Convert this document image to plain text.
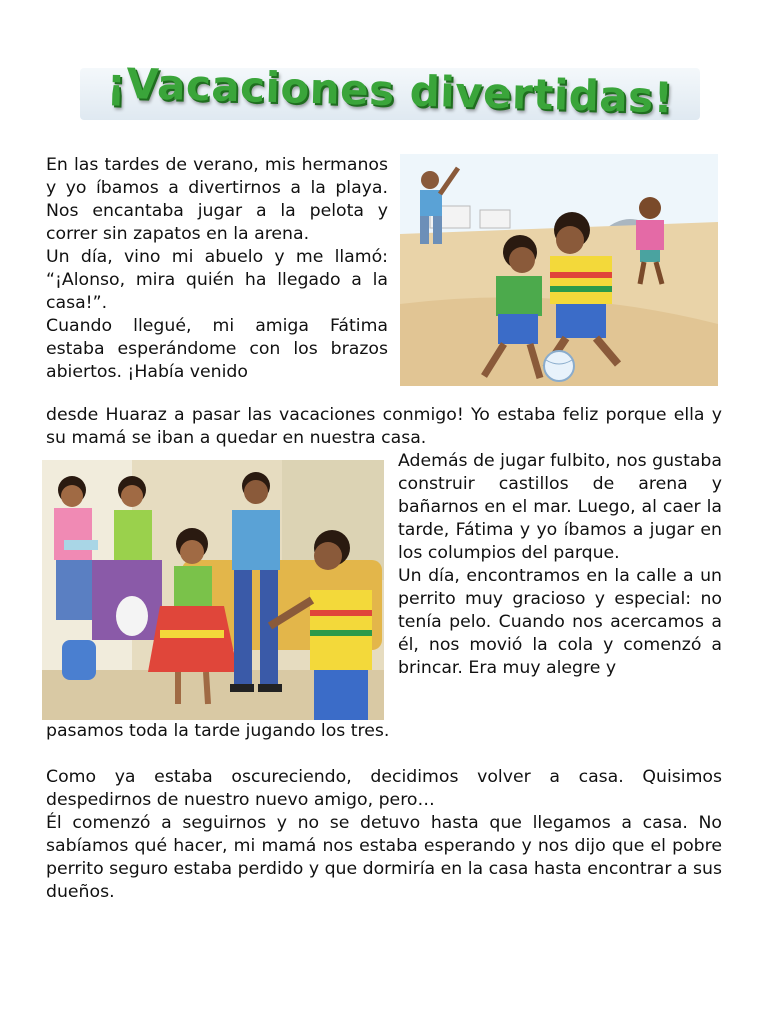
¡Vacaciones divertidas!
En las tardes de verano, mis hermanos y yo íbamos a divertirnos a la playa. Nos encantaba jugar a la pelota y correr sin zapatos en la arena.
Un día, vino mi abuelo y me llamó: “¡Alonso, mira quién ha llegado a la casa!”.
Cuando llegué, mi amiga Fátima estaba esperándome con los brazos abiertos. ¡Había venido
desde Huaraz a pasar las vacaciones conmigo! Yo estaba feliz porque ella y su mamá se iban a quedar en nuestra casa.
Además de jugar fulbito, nos gustaba construir castillos de arena y bañarnos en el mar. Luego, al caer la tarde, Fátima y yo íbamos a jugar en los columpios del parque.
Un día, encontramos en la calle a un perrito muy gracioso y especial: no tenía pelo. Cuando nos acercamos a él, nos movió la cola y comenzó a brincar. Era muy alegre y
pasamos toda la tarde jugando los tres.
Como ya estaba oscureciendo, decidimos volver a casa. Quisimos despedirnos de nuestro nuevo amigo, pero…
Él comenzó a seguirnos y no se detuvo hasta que llegamos a casa. No sabíamos qué hacer, mi mamá nos estaba esperando y nos dijo que el pobre perrito seguro estaba perdido y que dormiría en la casa hasta encontrar a sus dueños.
